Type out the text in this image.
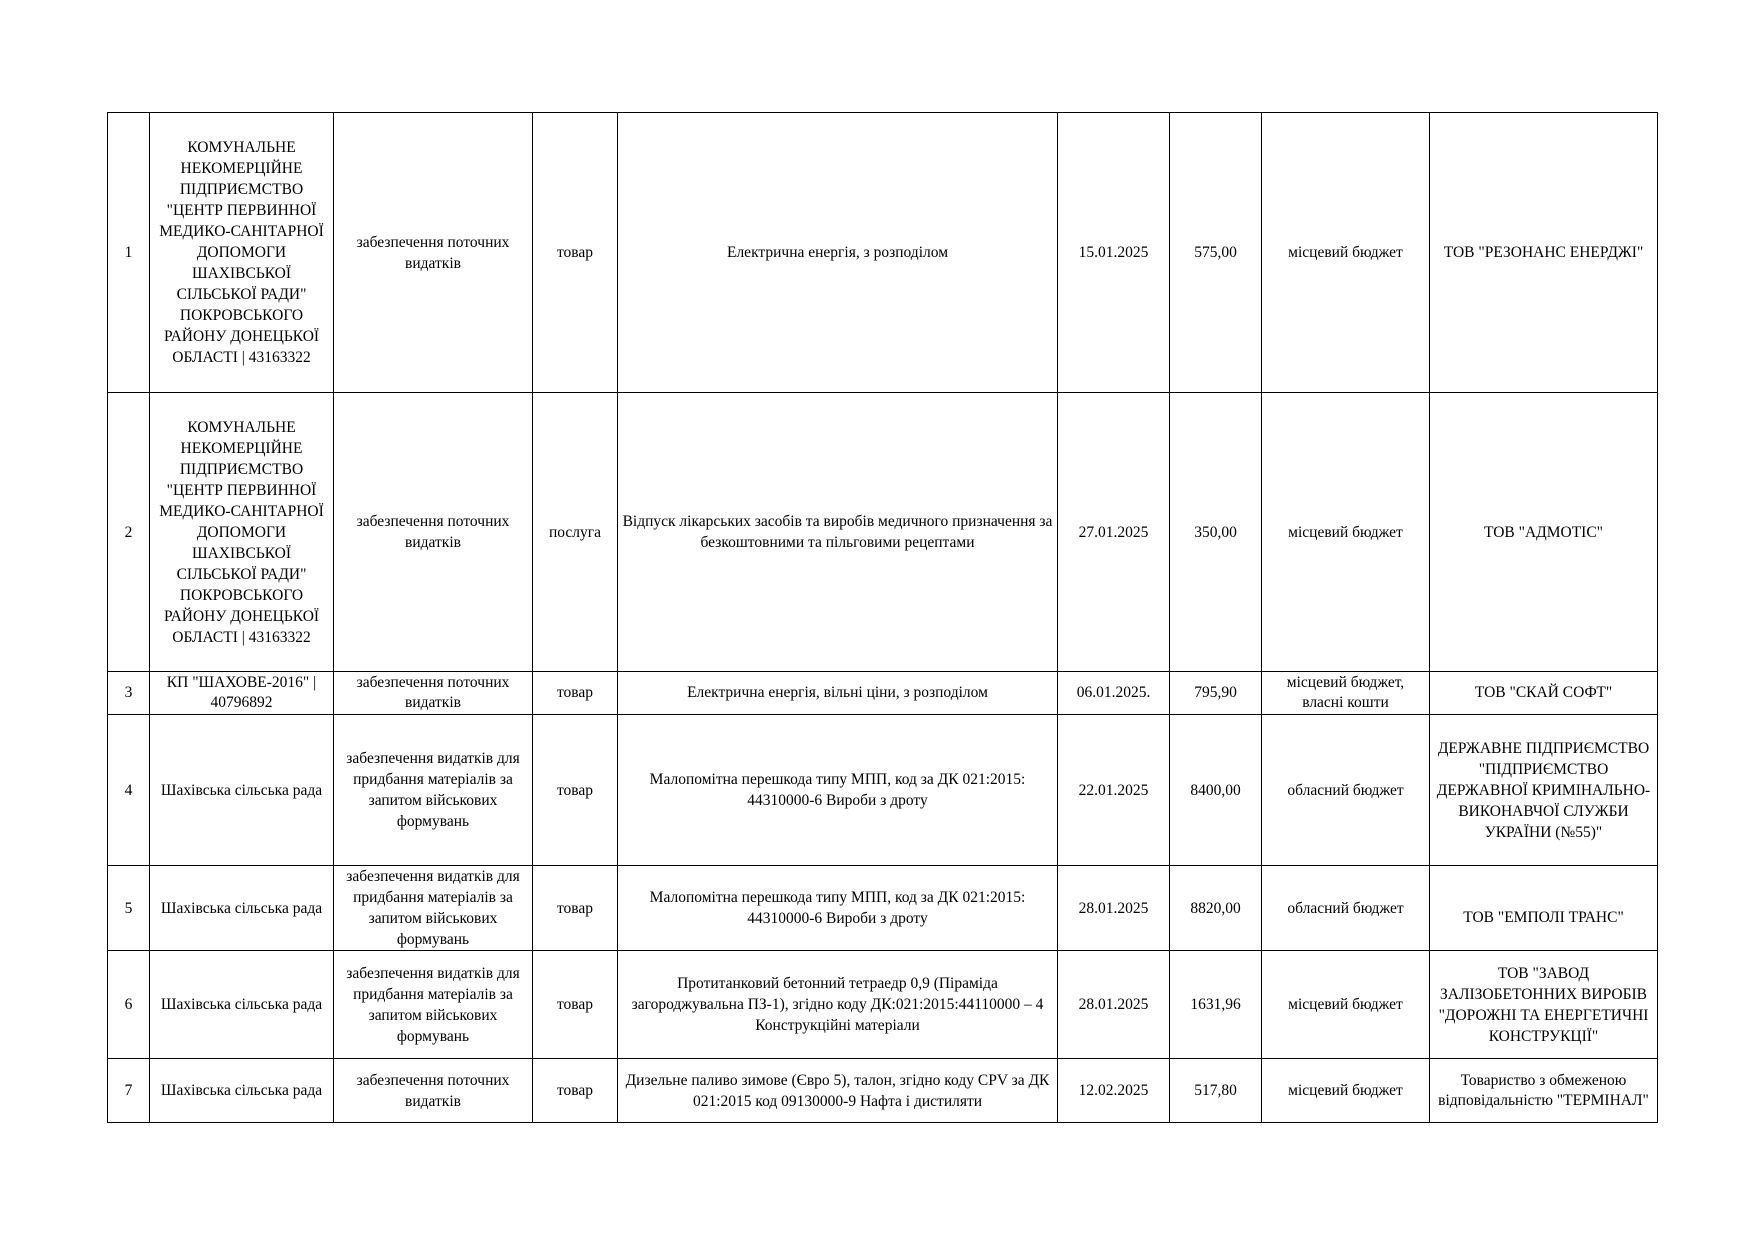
1	КОМУНАЛЬНЕ НЕКОМЕРЦІЙНЕ ПІДПРИЄМСТВО "ЦЕНТР ПЕРВИННОЇ МЕДИКО-САНІТАРНОЇ ДОПОМОГИ ШАХІВСЬКОЇ СІЛЬСЬКОЇ РАДИ" ПОКРОВСЬКОГО РАЙОНУ ДОНЕЦЬКОЇ ОБЛАСТІ | 43163322	забезпечення поточних видатків	товар	Електрична енергія, з розподілом	15.01.2025	575,00	місцевий бюджет	ТОВ "РЕЗОНАНС ЕНЕРДЖІ"
2	КОМУНАЛЬНЕ НЕКОМЕРЦІЙНЕ ПІДПРИЄМСТВО "ЦЕНТР ПЕРВИННОЇ МЕДИКО-САНІТАРНОЇ ДОПОМОГИ ШАХІВСЬКОЇ СІЛЬСЬКОЇ РАДИ" ПОКРОВСЬКОГО РАЙОНУ ДОНЕЦЬКОЇ ОБЛАСТІ | 43163322	забезпечення поточних видатків	послуга	Відпуск лікарських засобів та виробів медичного призначення за безкоштовними та пільговими рецептами	27.01.2025	350,00	місцевий бюджет	ТОВ "АДМОТІС"
3	КП "ШАХОВЕ-2016" | 40796892	забезпечення поточних видатків	товар	Електрична енергія, вільні ціни, з розподілом	06.01.2025.	795,90	місцевий бюджет, власні кошти	ТОВ "СКАЙ СОФТ"
4	Шахівська сільська рада	забезпечення видатків для придбання матеріалів за запитом військових формувань	товар	Малопомітна перешкода типу МПП, код за ДК 021:2015: 44310000-6 Вироби з дроту	22.01.2025	8400,00	обласний бюджет	ДЕРЖАВНЕ ПІДПРИЄМСТВО "ПІДПРИЄМСТВО ДЕРЖАВНОЇ КРИМІНАЛЬНО-ВИКОНАВЧОЇ СЛУЖБИ УКРАЇНИ (№55)"
5	Шахівська сільська рада	забезпечення видатків для придбання матеріалів за запитом військових формувань	товар	Малопомітна перешкода типу МПП, код за ДК 021:2015: 44310000-6 Вироби з дроту	28.01.2025	8820,00	обласний бюджет	ТОВ "ЕМПОЛІ ТРАНС"
6	Шахівська сільська рада	забезпечення видатків для придбання матеріалів за запитом військових формувань	товар	Протитанковий бетонний тетраедр 0,9 (Піраміда загороджувальна ПЗ-1), згідно коду ДК:021:2015:44110000 – 4 Конструкційні матеріали	28.01.2025	1631,96	місцевий бюджет	ТОВ "ЗАВОД ЗАЛІЗОБЕТОННИХ ВИРОБІВ "ДОРОЖНІ ТА ЕНЕРГЕТИЧНІ КОНСТРУКЦІЇ"
7	Шахівська сільська рада	забезпечення поточних видатків	товар	Дизельне паливо зимове (Євро 5), талон, згідно коду CPV за ДК 021:2015 код 09130000-9 Нафта і дистиляти	12.02.2025	517,80	місцевий бюджет	Товариство з обмеженою відповідальністю "ТЕРМІНАЛ"
